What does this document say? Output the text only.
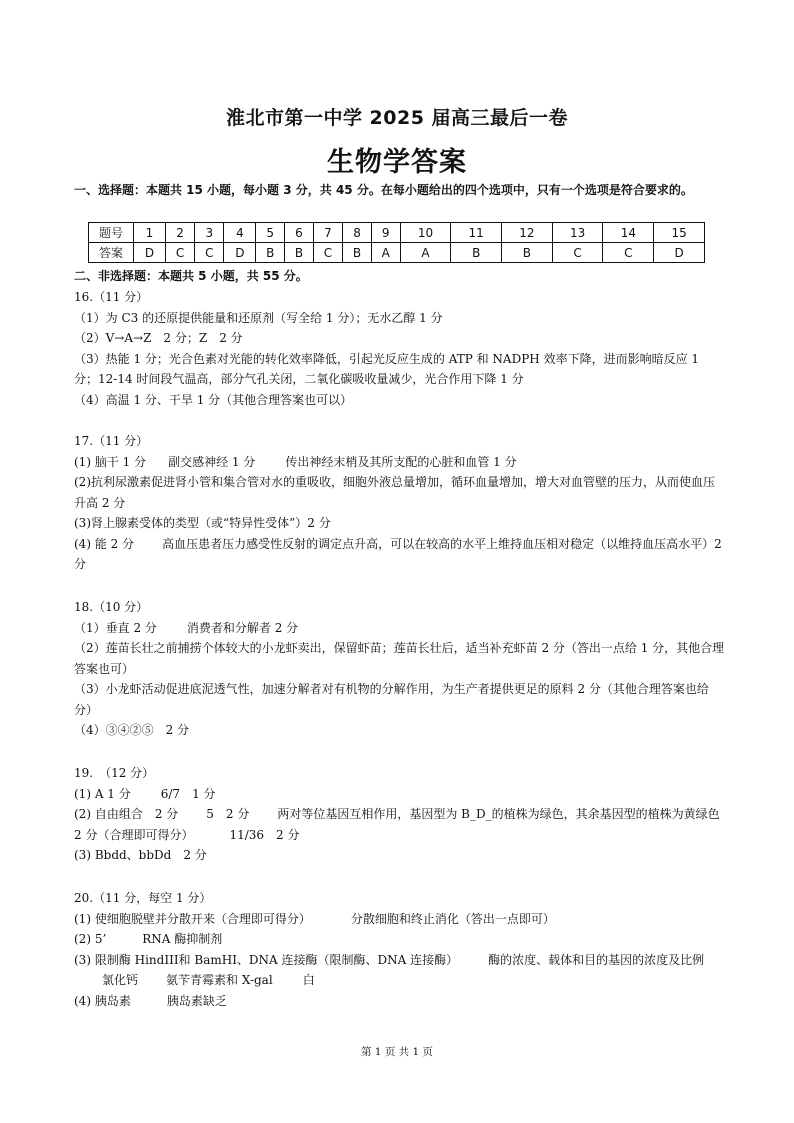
淮北市第一中学 2025 届高三最后一卷
生物学答案
一、选择题：本题共 15 小题，每小题 3 分，共 45 分。在每小题给出的四个选项中，只有一个选项是符合要求的。
题号	1	2	3	4	5	6	7	8	9	10	11	12	13	14	15
答案	D	C	C	D	B	B	C	B	A	A	B	B	C	C	D
二、非选择题：本题共 5 小题，共 55 分。

16.（11 分）

（1）为 C3 的还原提供能量和还原剂（写全给 1 分）；无水乙醇 1 分

（2）V→A→Z　2 分；Z　2 分

（3）热能 1 分；光合色素对光能的转化效率降低，引起光反应生成的 ATP 和 NADPH 效率下降，进而影响暗反应 1 分；12-14 时间段气温高，部分气孔关闭，二氧化碳吸收量减少，光合作用下降 1 分

（4）高温 1 分、干旱 1 分（其他合理答案也可以）

17.（11 分）

(1) 脑干 1 分 副交感神经 1 分	传出神经末梢及其所支配的心脏和血管 1 分

(2)抗利尿激素促进肾小管和集合管对水的重吸收，细胞外液总量增加，循环血量增加，增大对血管壁的压力，从而使血压升高 2 分

(3)肾上腺素受体的类型（或“特异性受体”）2 分

(4) 能 2 分 高血压患者压力感受性反射的调定点升高，可以在较高的水平上维持血压相对稳定（以维持血压高水平）2 分

18.（10 分）

（1）垂直 2 分	消费者和分解者 2 分

（2）莲苗长壮之前捕捞个体较大的小龙虾卖出，保留虾苗；莲苗长壮后，适当补充虾苗 2 分（答出一点给 1 分，其他合理答案也可）

（3）小龙虾活动促进底泥透气性，加速分解者对有机物的分解作用，为生产者提供更足的原料 2 分（其他合理答案也给分）

（4）③④②⑤　2 分

19.　（12 分）

(1) A 1 分	6/7　1 分

(2) 自由组合　2 分 5　2 分 两对等位基因互相作用，基因型为 B_D_的植株为绿色，其余基因型的植株为黄绿色 2 分（合理即可得分）	11/36　2 分

(3) Bbdd、bbDd　2 分

20.（11 分，每空 1 分）

(1) 使细胞脱壁并分散开来（合理即可得分）	分散细胞和终止消化（答出一点即可）

(2) 5’	RNA 酶抑制剂

(3) 限制酶 HindIII和 BamHI、DNA 连接酶（限制酶、DNA 连接酶）	酶的浓度、载体和目的基因的浓度及比例氯化钙 氨苄青霉素和 X-gal	白

(4) 胰岛素	胰岛素缺乏

第 1 页 共 1 页
